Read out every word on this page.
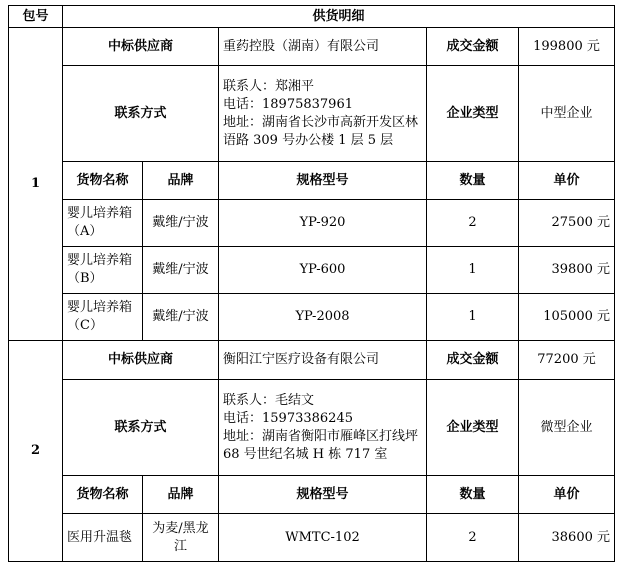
包号	供货明细				
1	中标供应商		重药控股（湖南）有限公司	成交金额	199800 元
	联系方式		联系人：郑湘平
电话：18975837961
地址：湖南省长沙市高新开发区林语路 309 号办公楼 1 层 5 层	企业类型	中型企业
	货物名称	品牌	规格型号	数量	单价
	婴儿培养箱（A）	戴维/宁波	YP-920	2	27500 元
	婴儿培养箱（B）	戴维/宁波	YP-600	1	39800 元
	婴儿培养箱（C）	戴维/宁波	YP-2008	1	105000 元
2	中标供应商		衡阳江宁医疗设备有限公司	成交金额	77200 元
	联系方式		联系人：毛结文
电话：15973386245
地址：湖南省衡阳市雁峰区打线坪 68 号世纪名城 H 栋 717 室	企业类型	微型企业
	货物名称	品牌	规格型号	数量	单价
	医用升温毯	为麦/黑龙江	WMTC-102	2	38600 元
